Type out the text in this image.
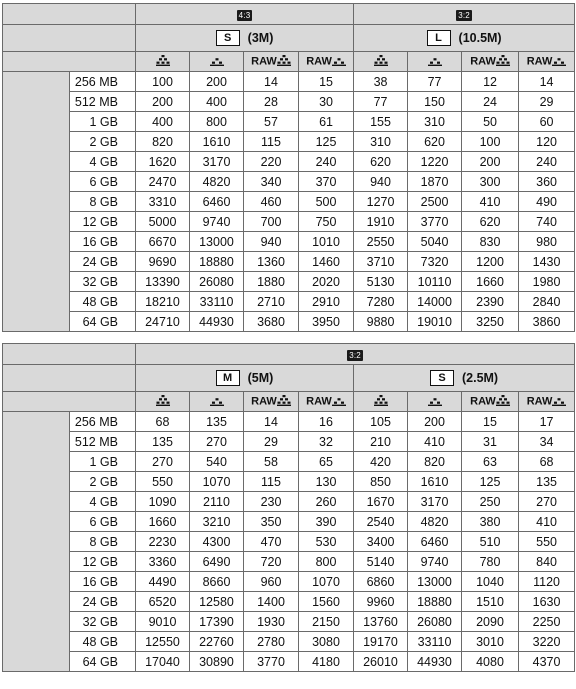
		4:3				3:2			
		S (3M)				L (10.5M)			
			RAW	RAW			RAW	RAW
	256 MB	100	200	14	15	38	77	12	14
	512 MB	200	400	28	30	77	150	24	29
	1 GB	400	800	57	61	155	310	50	60
	2 GB	820	1610	115	125	310	620	100	120
	4 GB	1620	3170	220	240	620	1220	200	240
	6 GB	2470	4820	340	370	940	1870	300	360
	8 GB	3310	6460	460	500	1270	2500	410	490
	12 GB	5000	9740	700	750	1910	3770	620	740
	16 GB	6670	13000	940	1010	2550	5040	830	980
	24 GB	9690	18880	1360	1460	3710	7320	1200	1430
	32 GB	13390	26080	1880	2020	5130	10110	1660	1980
	48 GB	18210	33110	2710	2910	7280	14000	2390	2840
	64 GB	24710	44930	3680	3950	9880	19010	3250	3860
		3:2							
		M (5M)				S (2.5M)			
			RAW	RAW			RAW	RAW
	256 MB	68	135	14	16	105	200	15	17
	512 MB	135	270	29	32	210	410	31	34
	1 GB	270	540	58	65	420	820	63	68
	2 GB	550	1070	115	130	850	1610	125	135
	4 GB	1090	2110	230	260	1670	3170	250	270
	6 GB	1660	3210	350	390	2540	4820	380	410
	8 GB	2230	4300	470	530	3400	6460	510	550
	12 GB	3360	6490	720	800	5140	9740	780	840
	16 GB	4490	8660	960	1070	6860	13000	1040	1120
	24 GB	6520	12580	1400	1560	9960	18880	1510	1630
	32 GB	9010	17390	1930	2150	13760	26080	2090	2250
	48 GB	12550	22760	2780	3080	19170	33110	3010	3220
	64 GB	17040	30890	3770	4180	26010	44930	4080	4370
